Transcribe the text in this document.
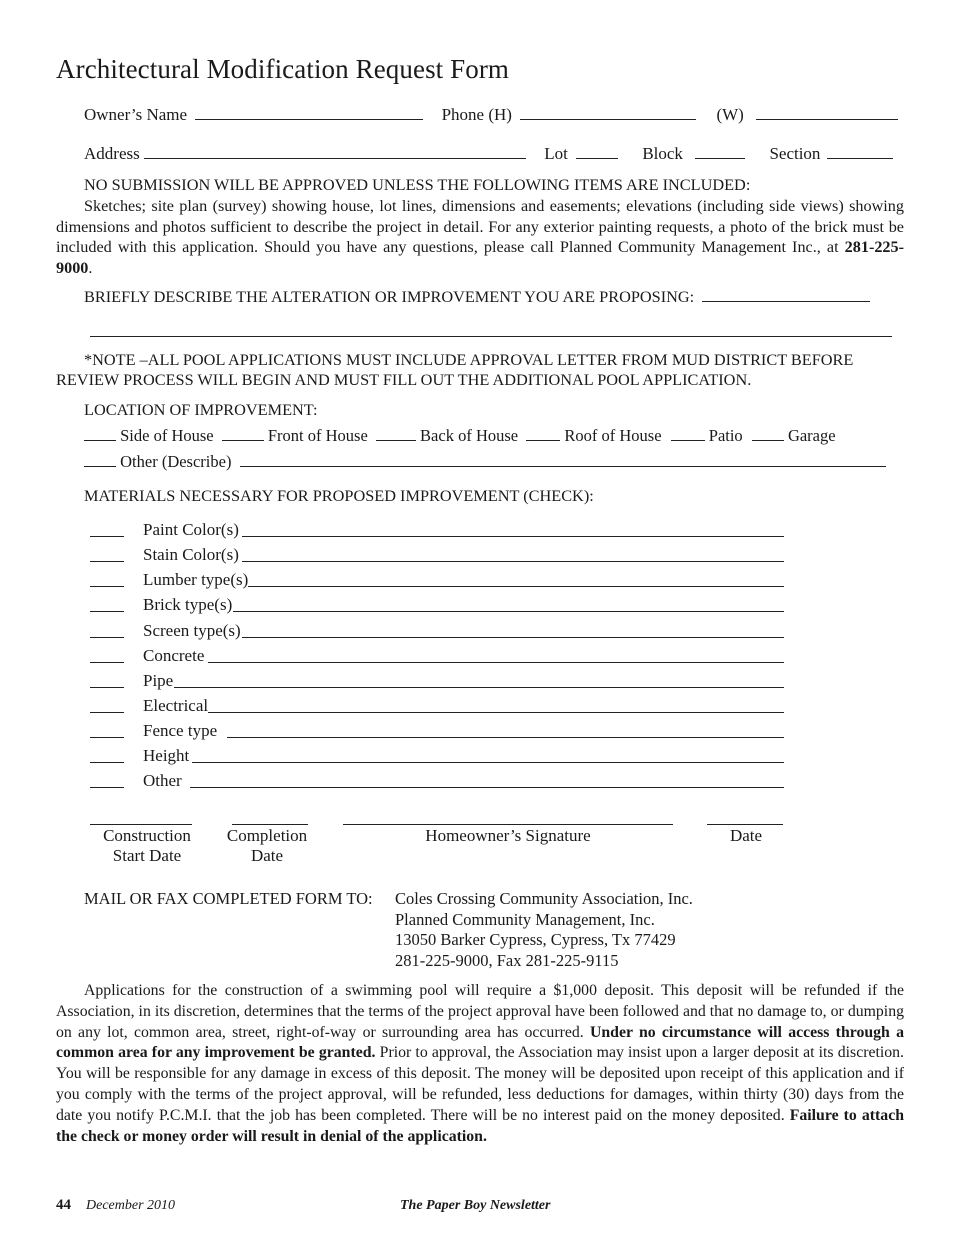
Architectural Modification Request Form
Owner’s Name	Phone (H)	(W)
Address	Lot	Block	Section
NO SUBMISSION WILL BE APPROVED UNLESS THE FOLLOWING ITEMS ARE INCLUDED:
Sketches; site plan (survey) showing house, lot lines, dimensions and easements; elevations (including side views) showing dimensions and photos sufficient to describe the project in detail. For any exterior painting requests, a photo of the brick must be included with this application. Should you have any questions, please call Planned Community Management Inc., at 281-225-9000.
BRIEFLY DESCRIBE THE ALTERATION OR IMPROVEMENT YOU ARE PROPOSING:
*NOTE –ALL POOL APPLICATIONS MUST INCLUDE APPROVAL LETTER FROM MUD DISTRICT BEFORE
REVIEW PROCESS WILL BEGIN AND MUST FILL OUT THE ADDITIONAL POOL APPLICATION.
LOCATION OF IMPROVEMENT:
Side of House	Front of House	Back of House	Roof of House	Patio	Garage
Other (Describe)
MATERIALS NECESSARY FOR PROPOSED IMPROVEMENT (CHECK):
Paint Color(s)
Stain Color(s)
Lumber type(s)
Brick type(s)
Screen type(s)
Concrete
Pipe
Electrical
Fence type
Height
Other
Construction
Start Date
Completion
Date
Homeowner’s Signature	Date
MAIL OR FAX COMPLETED FORM TO: Coles Crossing Community Association, Inc.
Planned Community Management, Inc.
13050 Barker Cypress, Cypress, Tx 77429
281-225-9000, Fax 281-225-9115
Applications for the construction of a swimming pool will require a $1,000 deposit. This deposit will be refunded if the Association, in its discretion, determines that the terms of the project approval have been followed and that no damage to, or dumping on any lot, common area, street, right-of-way or surrounding area has occurred. Under no circumstance will access through a common area for any improvement be granted. Prior to approval, the Association may insist upon a larger deposit at its discretion. You will be responsible for any damage in excess of this deposit. The money will be deposited upon receipt of this application and if you comply with the terms of the project approval, will be refunded, less deductions for damages, within thirty (30) days from the date you notify P.C.M.I. that the job has been completed. There will be no interest paid on the money deposited. Failure to attach the check or money order will result in denial of the application.
44 December 2010	The Paper Boy Newsletter
